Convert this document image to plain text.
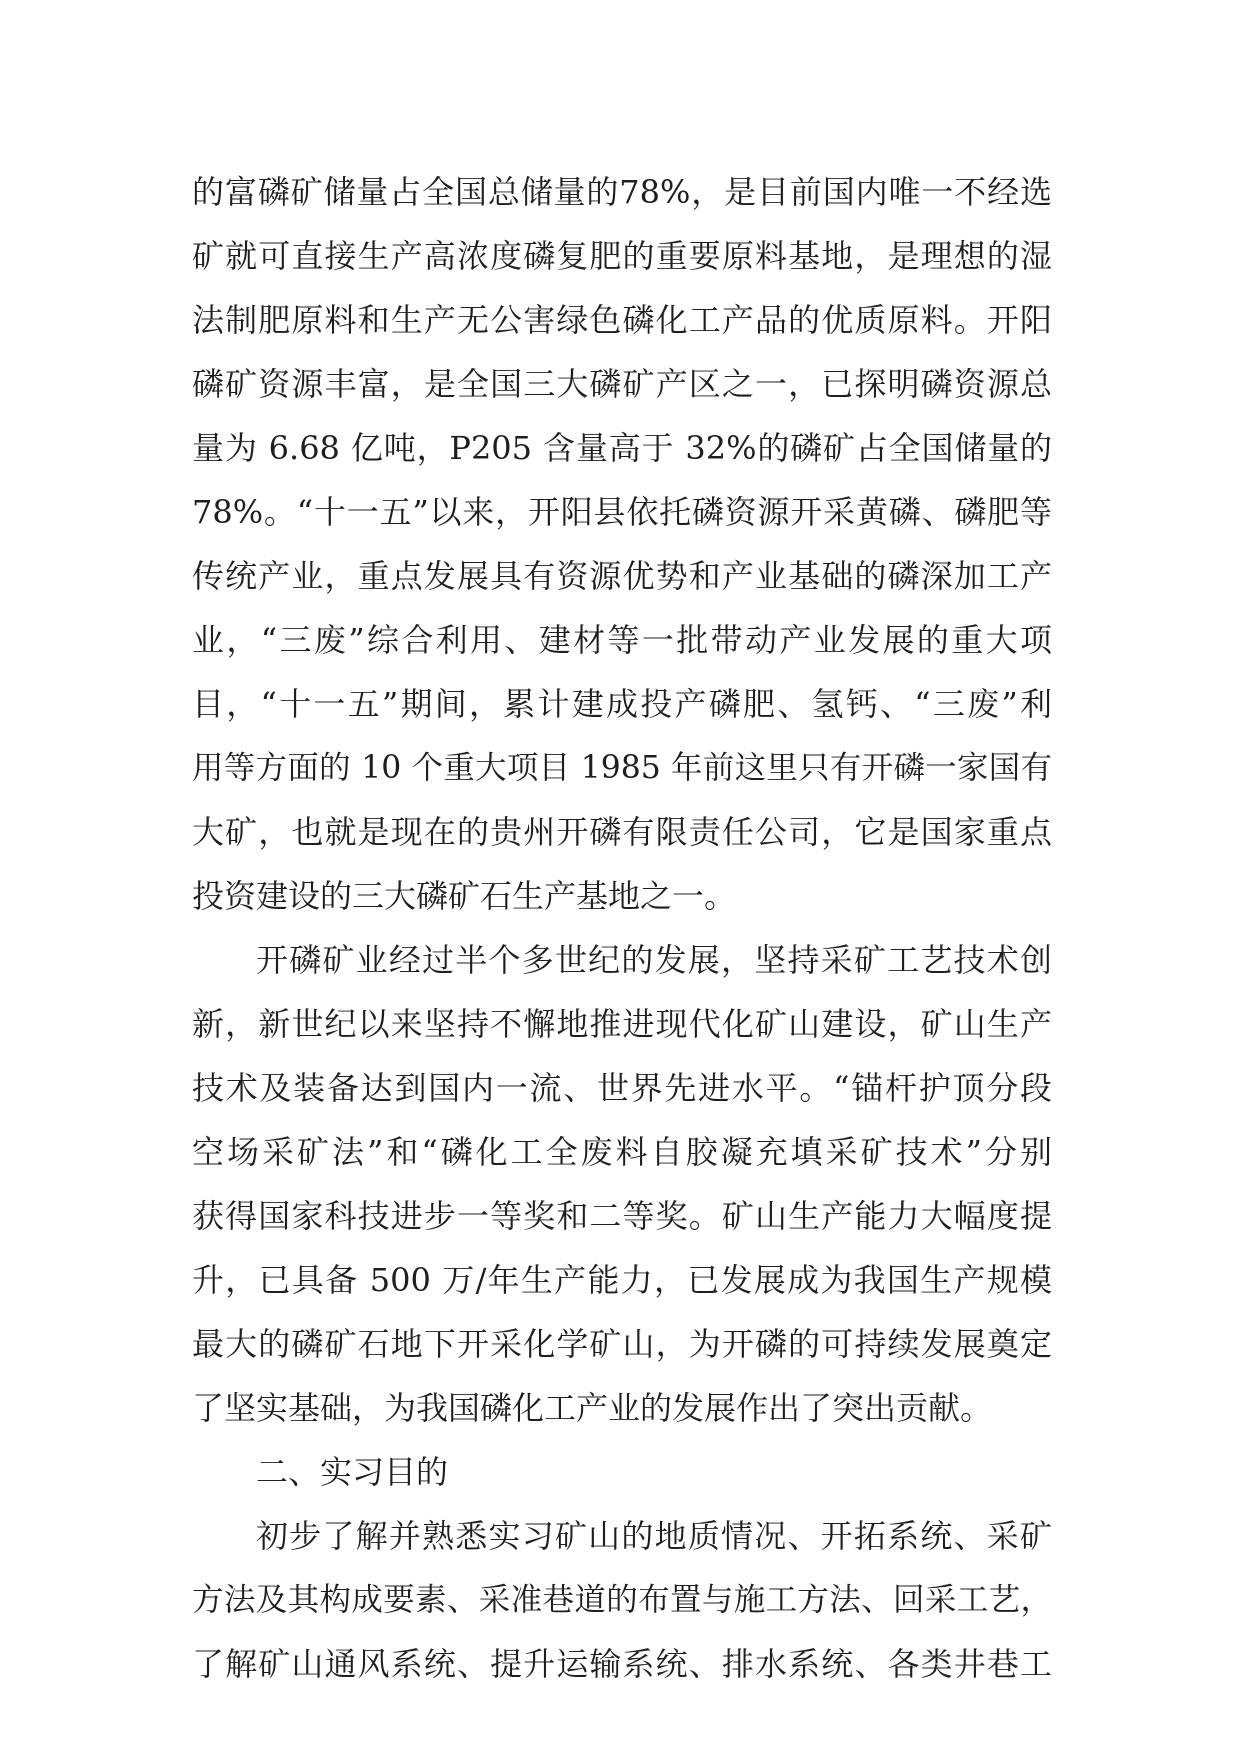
的富磷矿储量占全国总储量的78%，是目前国内唯一不经选
矿就可直接生产高浓度磷复肥的重要原料基地，是理想的湿
法制肥原料和生产无公害绿色磷化工产品的优质原料。开阳
磷矿资源丰富，是全国三大磷矿产区之一，已探明磷资源总
量为 6.68 亿吨，P205 含量高于 32%的磷矿占全国储量的
78%。“十一五”以来，开阳县依托磷资源开采黄磷、磷肥等
传统产业，重点发展具有资源优势和产业基础的磷深加工产
业，“三废”综合利用、建材等一批带动产业发展的重大项
目，“十一五”期间，累计建成投产磷肥、氢钙、“三废”利
用等方面的 10 个重大项目 1985 年前这里只有开磷一家国有
大矿，也就是现在的贵州开磷有限责任公司，它是国家重点
投资建设的三大磷矿石生产基地之一。
开磷矿业经过半个多世纪的发展，坚持采矿工艺技术创
新，新世纪以来坚持不懈地推进现代化矿山建设，矿山生产
技术及装备达到国内一流、世界先进水平。“锚杆护顶分段
空场采矿法”和“磷化工全废料自胶凝充填采矿技术”分别
获得国家科技进步一等奖和二等奖。矿山生产能力大幅度提
升，已具备 500 万/年生产能力，已发展成为我国生产规模
最大的磷矿石地下开采化学矿山，为开磷的可持续发展奠定
了坚实基础，为我国磷化工产业的发展作出了突出贡献。
二、实习目的
初步了解并熟悉实习矿山的地质情况、开拓系统、采矿
方法及其构成要素、采准巷道的布置与施工方法、回采工艺，
了解矿山通风系统、提升运输系统、排水系统、各类井巷工
